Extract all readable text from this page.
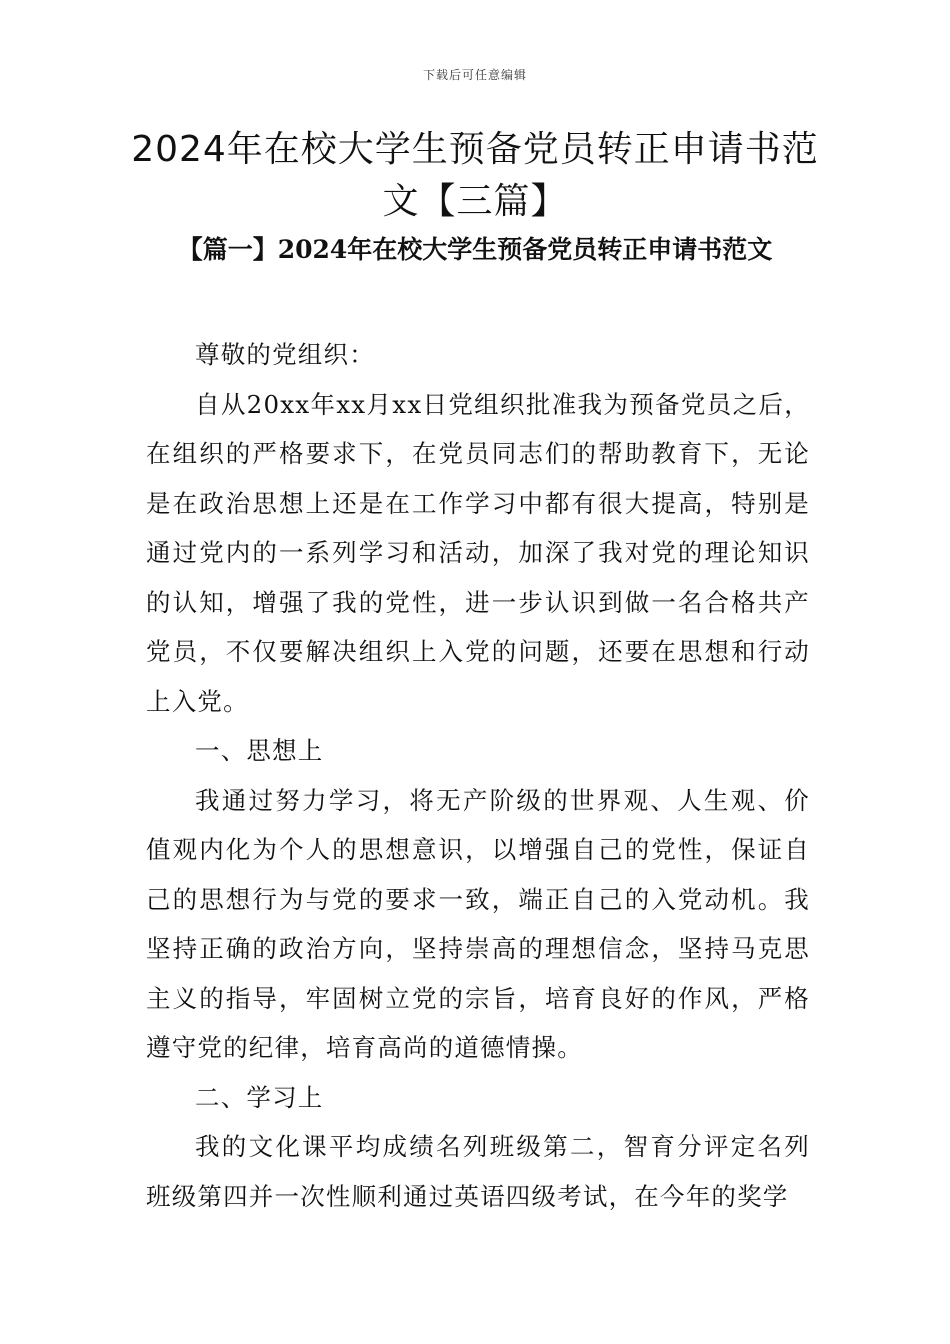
下载后可任意编辑
2024年在校大学生预备党员转正申请书范文【三篇】
【篇一】2024年在校大学生预备党员转正申请书范文

尊敬的党组织：

自从20xx年xx月xx日党组织批准我为预备党员之后，在组织的严格要求下，在党员同志们的帮助教育下，无论是在政治思想上还是在工作学习中都有很大提高，特别是通过党内的一系列学习和活动，加深了我对党的理论知识的认知，增强了我的党性，进一步认识到做一名合格共产党员，不仅要解决组织上入党的问题，还要在思想和行动上入党。

一、思想上

我通过努力学习，将无产阶级的世界观、人生观、价值观内化为个人的思想意识，以增强自己的党性，保证自己的思想行为与党的要求一致，端正自己的入党动机。我坚持正确的政治方向，坚持崇高的理想信念，坚持马克思主义的指导，牢固树立党的宗旨，培育良好的作风，严格遵守党的纪律，培育高尚的道德情操。

二、学习上

我的文化课平均成绩名列班级第二，智育分评定名列班级第四并一次性顺利通过英语四级考试，在今年的奖学
